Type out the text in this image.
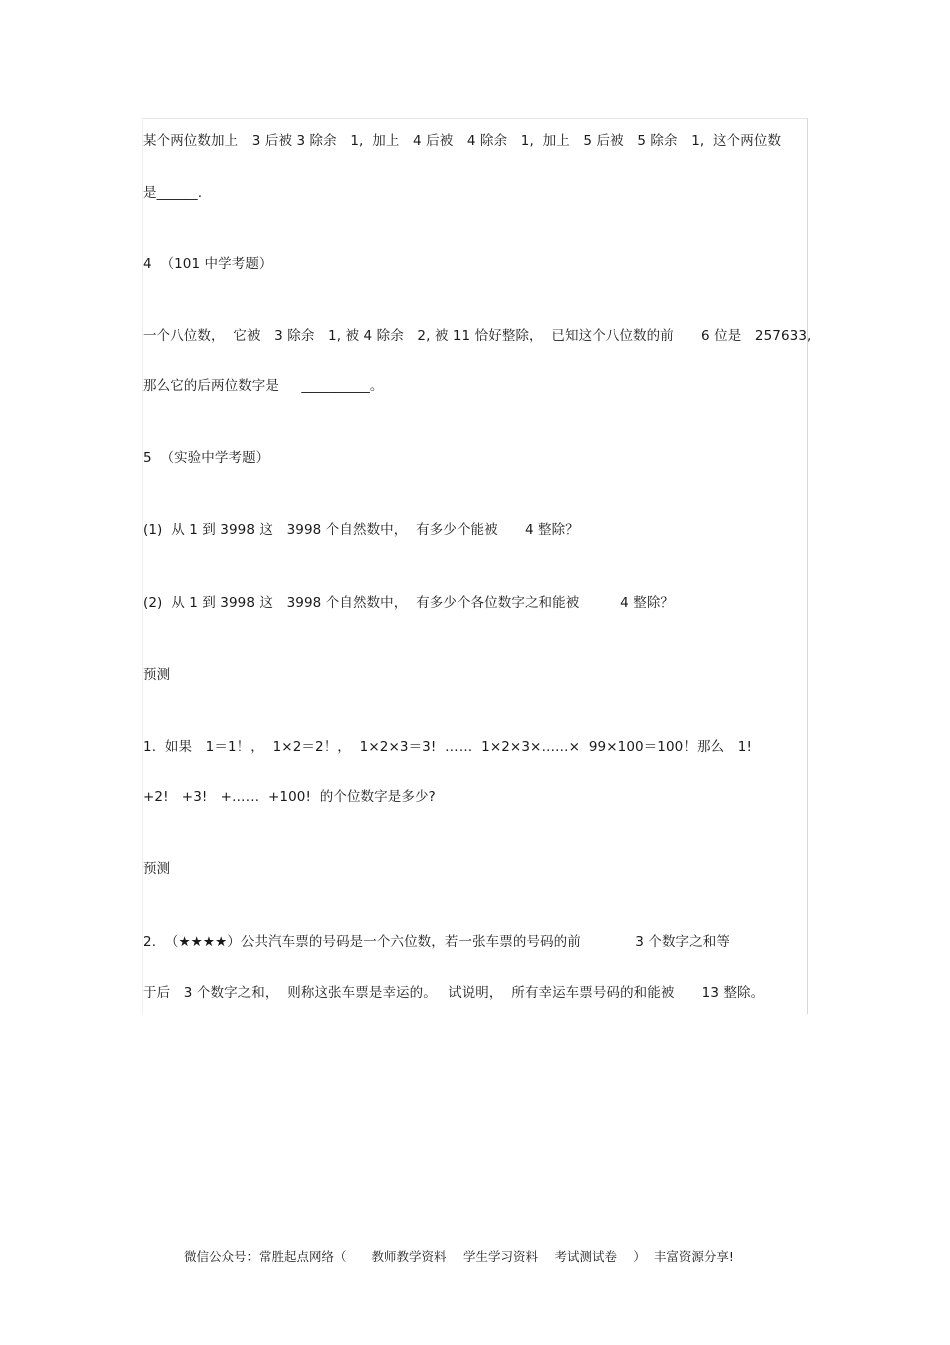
某个两位数加上　3 后被 3 除余　1,  加上　4 后被　4 除余　1,  加上　5 后被　5 除余　1,  这个两位数
是______.
4  （101 中学考题）
一个八位数，  它被　3 除余　1, 被 4 除余　2, 被 11 恰好整除，  已知这个八位数的前　　6 位是　257633,
那么它的后两位数字是　  __________。
5  （实验中学考题）
(1)  从 1 到 3998 这　3998 个自然数中，  有多少个能被　　4 整除？
(2)  从 1 到 3998 这　3998 个自然数中，  有多少个各位数字之和能被　　　4 整除？
预测
1.  如果　1＝1！，  1×2＝2！，  1×2×3＝3!  ……  1×2×3×……×  99×100＝100！那么　1!
+2!   +3!   +……  +100!  的个位数字是多少?
预测
2.  （★★★★）公共汽车票的号码是一个六位数，若一张车票的号码的前　　　　3 个数字之和等
于后　3 个数字之和，  则称这张车票是幸运的。　 试说明，  所有幸运车票号码的和能被　　13 整除。
微信公众号：常胜起点网络（　　教师教学资料　 学生学习资料　 考试测试卷　 ）  丰富资源分享!
